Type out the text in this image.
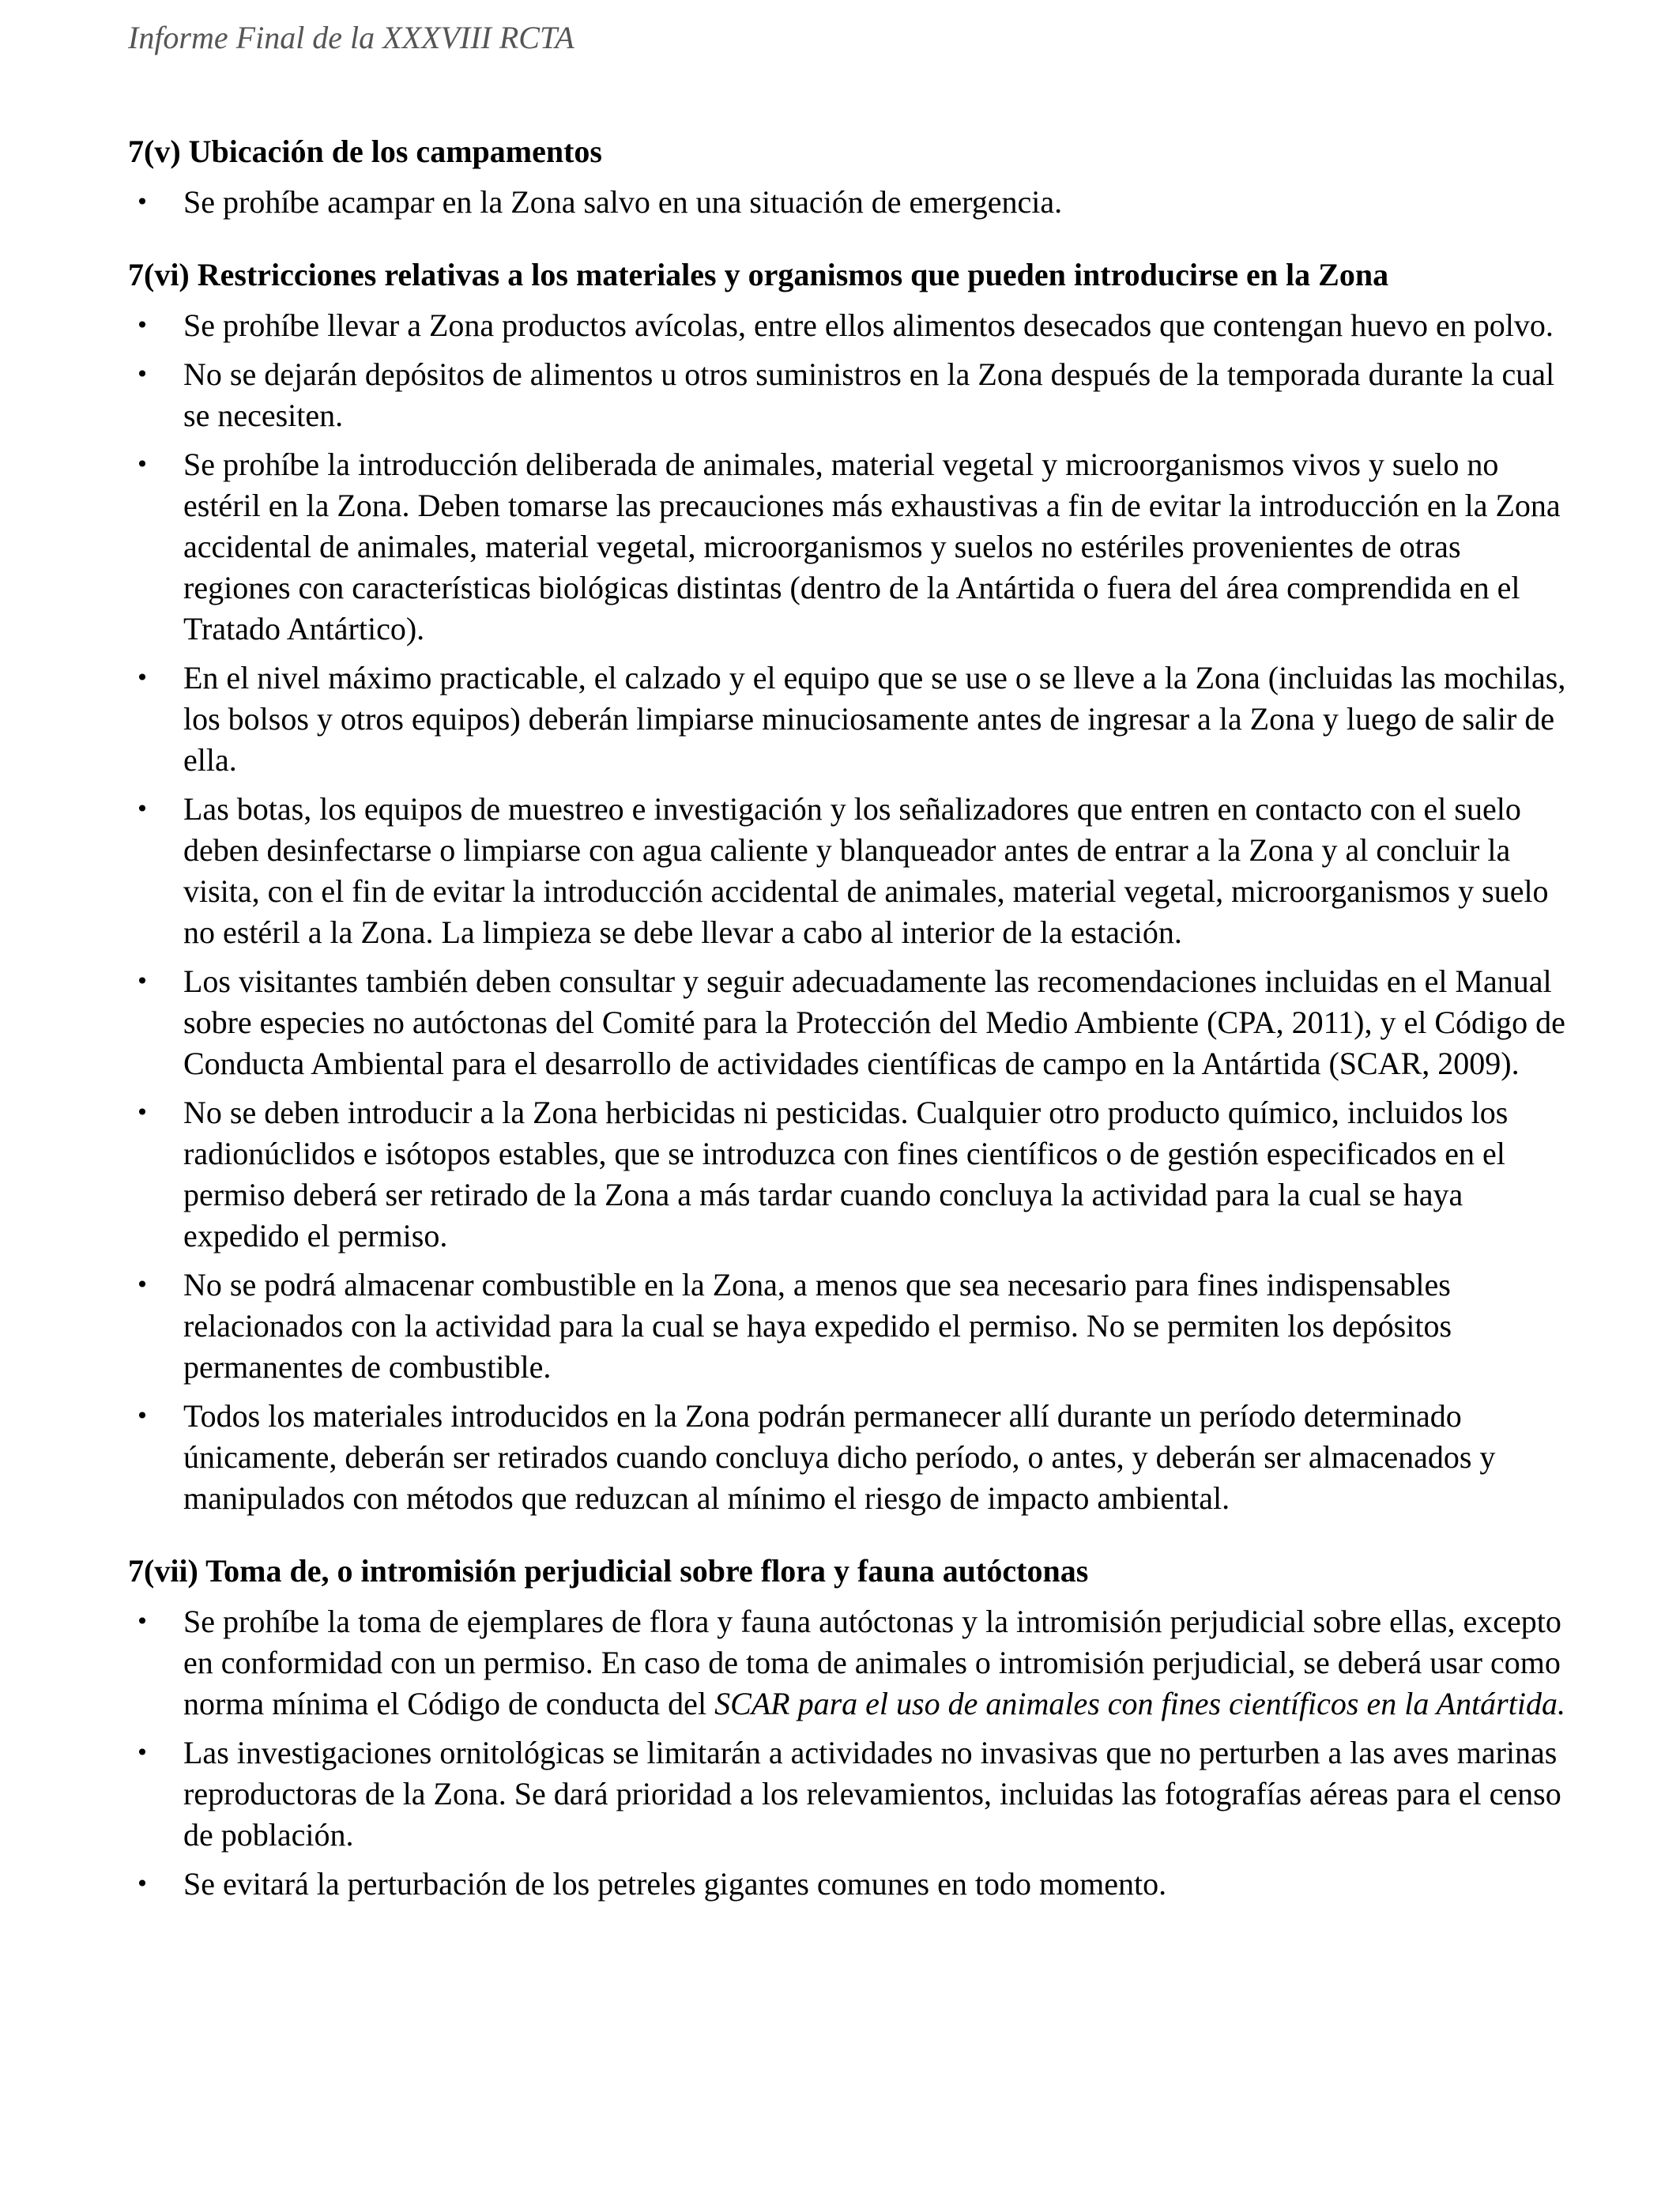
Informe Final de la XXXVIII RCTA
7(v) Ubicación de los campamentos
• Se prohíbe acampar en la Zona salvo en una situación de emergencia.
7(vi) Restricciones relativas a los materiales y organismos que pueden introducirse en la Zona
• Se prohíbe llevar a Zona productos avícolas, entre ellos alimentos desecados que contengan huevo en polvo.
• No se dejarán depósitos de alimentos u otros suministros en la Zona después de la temporada durante la cual se necesiten.
• Se prohíbe la introducción deliberada de animales, material vegetal y microorganismos vivos y suelo no estéril en la Zona. Deben tomarse las precauciones más exhaustivas a fin de evitar la introducción en la Zona accidental de animales, material vegetal, microorganismos y suelos no estériles provenientes de otras regiones con características biológicas distintas (dentro de la Antártida o fuera del área comprendida en el Tratado Antártico).
• En el nivel máximo practicable, el calzado y el equipo que se use o se lleve a la Zona (incluidas las mochilas, los bolsos y otros equipos) deberán limpiarse minuciosamente antes de ingresar a la Zona y luego de salir de ella.
• Las botas, los equipos de muestreo e investigación y los señalizadores que entren en contacto con el suelo deben desinfectarse o limpiarse con agua caliente y blanqueador antes de entrar a la Zona y al concluir la visita, con el fin de evitar la introducción accidental de animales, material vegetal, microorganismos y suelo no estéril a la Zona. La limpieza se debe llevar a cabo al interior de la estación.
• Los visitantes también deben consultar y seguir adecuadamente las recomendaciones incluidas en el Manual sobre especies no autóctonas del Comité para la Protección del Medio Ambiente (CPA, 2011), y el Código de Conducta Ambiental para el desarrollo de actividades científicas de campo en la Antártida (SCAR, 2009).
• No se deben introducir a la Zona herbicidas ni pesticidas. Cualquier otro producto químico, incluidos los radionúclidos e isótopos estables, que se introduzca con fines científicos o de gestión especificados en el permiso deberá ser retirado de la Zona a más tardar cuando concluya la actividad para la cual se haya expedido el permiso.
• No se podrá almacenar combustible en la Zona, a menos que sea necesario para fines indispensables relacionados con la actividad para la cual se haya expedido el permiso. No se permiten los depósitos permanentes de combustible.
• Todos los materiales introducidos en la Zona podrán permanecer allí durante un período determinado únicamente, deberán ser retirados cuando concluya dicho período, o antes, y deberán ser almacenados y manipulados con métodos que reduzcan al mínimo el riesgo de impacto ambiental.
7(vii) Toma de, o intromisión perjudicial sobre flora y fauna autóctonas
• Se prohíbe la toma de ejemplares de flora y fauna autóctonas y la intromisión perjudicial sobre ellas, excepto en conformidad con un permiso. En caso de toma de animales o intromisión perjudicial, se deberá usar como norma mínima el Código de conducta del SCAR para el uso de animales con fines científicos en la Antártida.
• Las investigaciones ornitológicas se limitarán a actividades no invasivas que no perturben a las aves marinas reproductoras de la Zona. Se dará prioridad a los relevamientos, incluidas las fotografías aéreas para el censo de población.
• Se evitará la perturbación de los petreles gigantes comunes en todo momento.
